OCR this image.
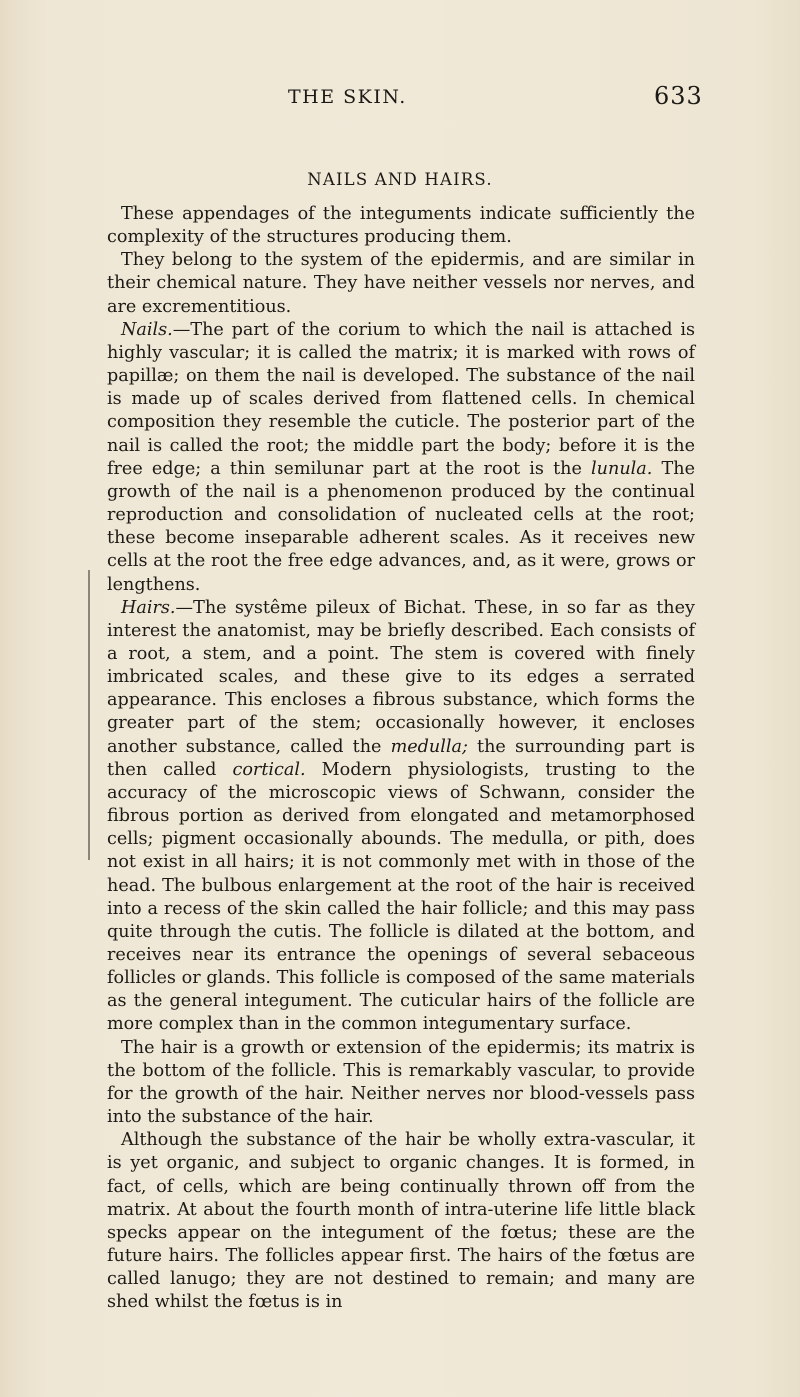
THE SKIN.	633
NAILS AND HAIRS.

These appendages of the integuments indicate sufficiently the complexity of the structures producing them.

They belong to the system of the epidermis, and are similar in their chemical nature. They have neither vessels nor nerves, and are excrementitious.

Nails.—The part of the corium to which the nail is attached is highly vascular; it is called the matrix; it is marked with rows of papillæ; on them the nail is developed. The substance of the nail is made up of scales derived from flattened cells. In chemical composition they resemble the cuticle. The posterior part of the nail is called the root; the middle part the body; before it is the free edge; a thin semilunar part at the root is the lunula. The growth of the nail is a phenomenon produced by the continual reproduction and consolidation of nucleated cells at the root; these become inseparable adherent scales. As it receives new cells at the root the free edge advances, and, as it were, grows or lengthens.

Hairs.—The systême pileux of Bichat. These, in so far as they interest the anatomist, may be briefly described. Each consists of a root, a stem, and a point. The stem is covered with finely imbricated scales, and these give to its edges a serrated appearance. This encloses a fibrous substance, which forms the greater part of the stem; occasionally however, it encloses another substance, called the medulla; the surrounding part is then called cortical. Modern physiologists, trusting to the accuracy of the microscopic views of Schwann, consider the fibrous portion as derived from elongated and metamorphosed cells; pigment occasionally abounds. The medulla, or pith, does not exist in all hairs; it is not commonly met with in those of the head. The bulbous enlargement at the root of the hair is received into a recess of the skin called the hair follicle; and this may pass quite through the cutis. The follicle is dilated at the bottom, and receives near its entrance the openings of several sebaceous follicles or glands. This follicle is composed of the same materials as the general integument. The cuticular hairs of the follicle are more complex than in the common integumentary surface.

The hair is a growth or extension of the epidermis; its matrix is the bottom of the follicle. This is remarkably vascular, to provide for the growth of the hair. Neither nerves nor blood-vessels pass into the substance of the hair.

Although the substance of the hair be wholly extra-vascular, it is yet organic, and subject to organic changes. It is formed, in fact, of cells, which are being continually thrown off from the matrix. At about the fourth month of intra-uterine life little black specks appear on the integument of the fœtus; these are the future hairs. The follicles appear first. The hairs of the fœtus are called lanugo; they are not destined to remain; and many are shed whilst the fœtus is in
